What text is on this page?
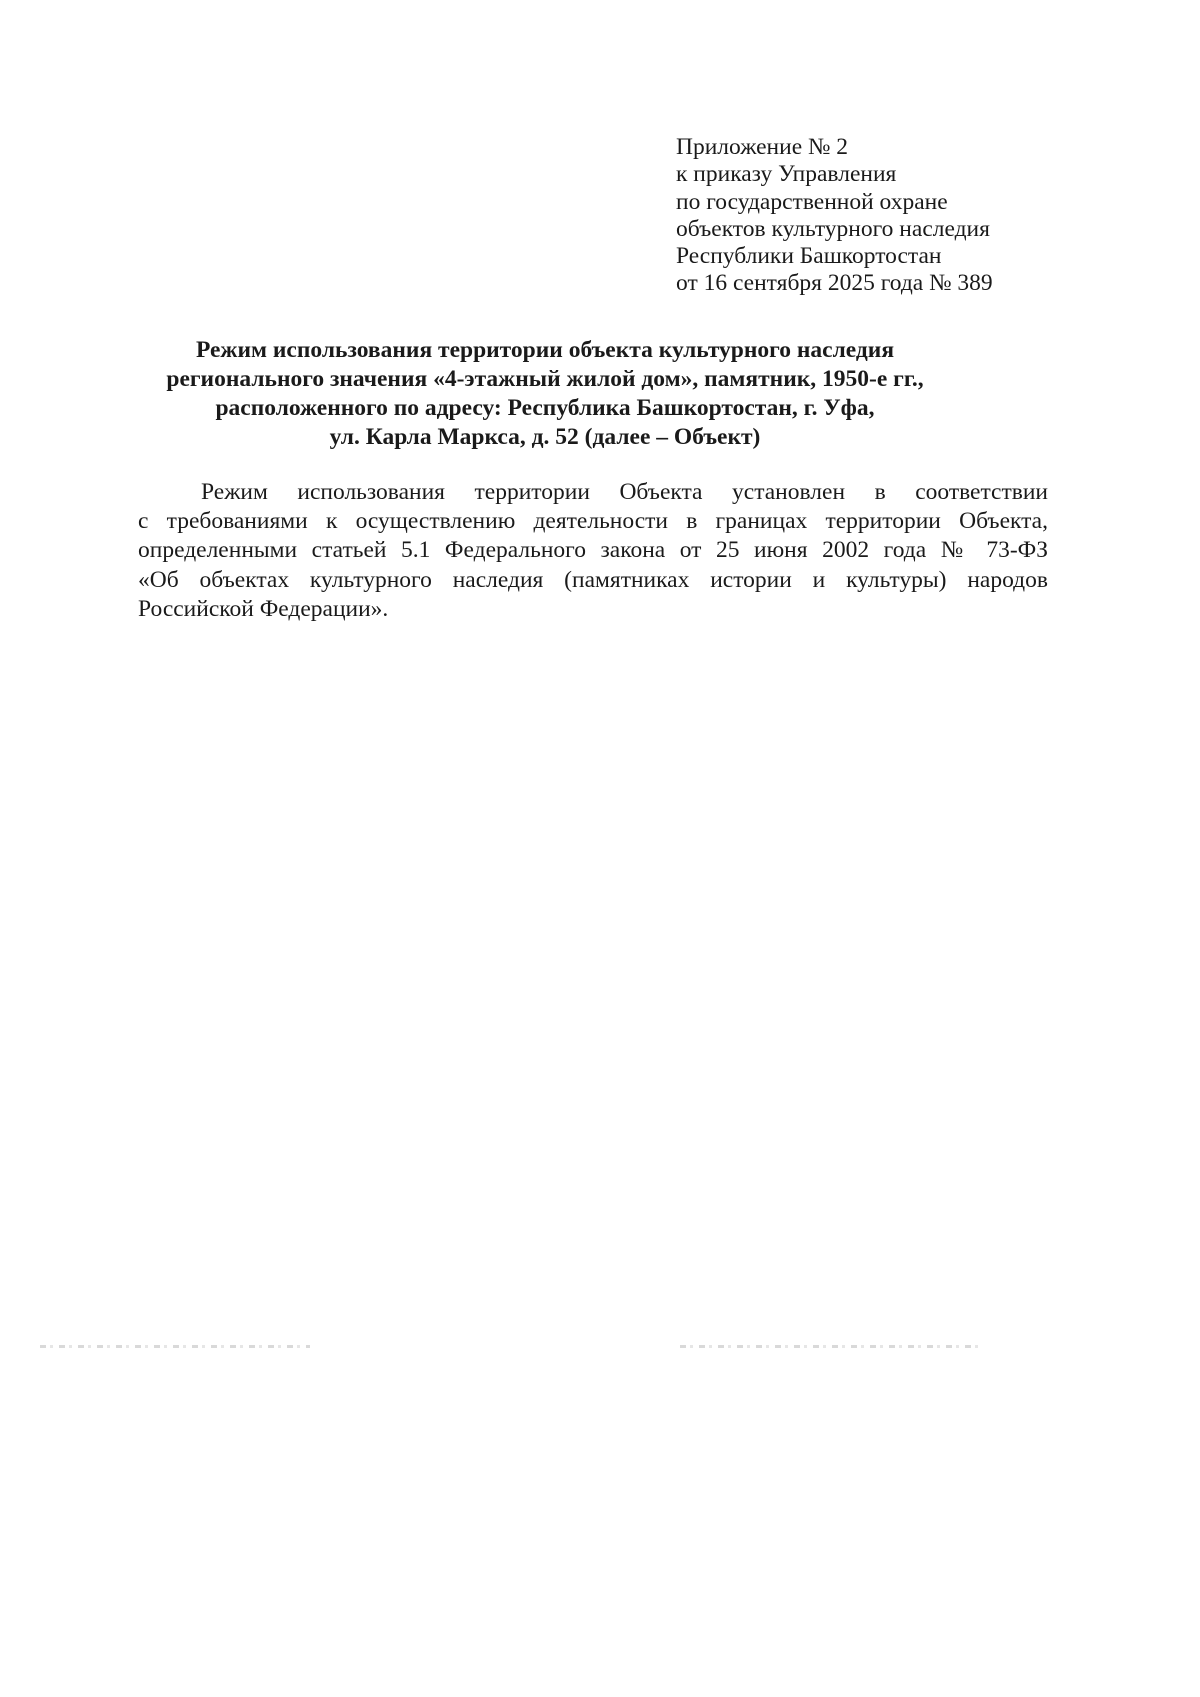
Приложение № 2
к приказу Управления
по государственной охране
объектов культурного наследия
Республики Башкортостан
от 16 сентября 2025 года № 389
Режим использования территории объекта культурного наследия
регионального значения «4-этажный жилой дом», памятник, 1950-е гг.,
расположенного по адресу: Республика Башкортостан, г. Уфа,
ул. Карла Маркса, д. 52 (далее – Объект)
Режим использования территории Объекта установлен в соответствии
с требованиями к осуществлению деятельности в границах территории Объекта,
определенными статьей 5.1 Федерального закона от 25 июня 2002 года № 73-ФЗ
«Об объектах культурного наследия (памятниках истории и культуры) народов
Российской Федерации».
